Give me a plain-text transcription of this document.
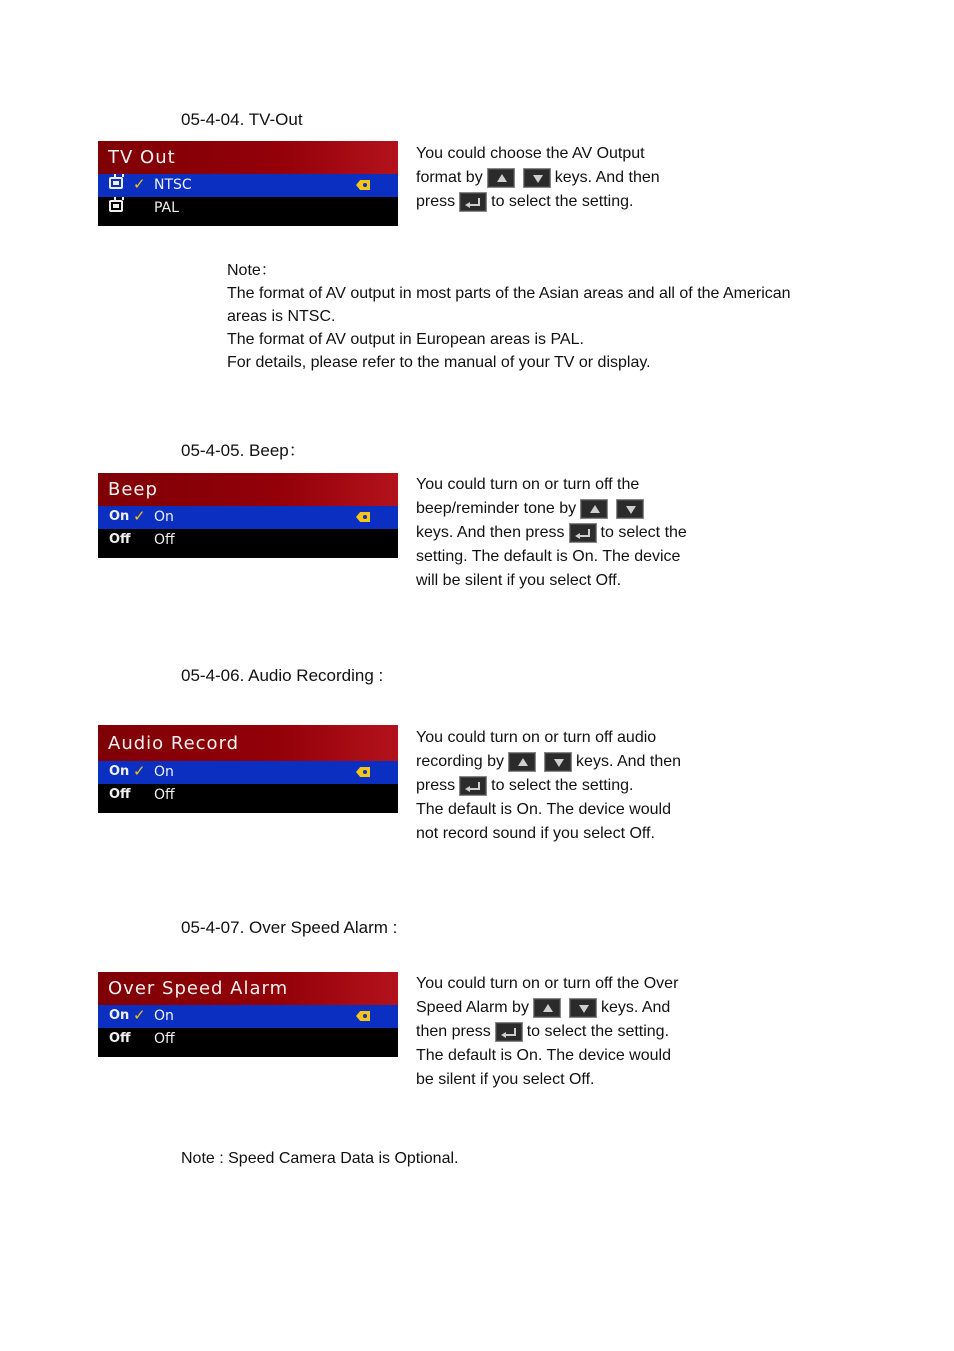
05-4-04. TV-Out
TV Out
✓ NTSC
PAL
You could choose the AV Output
format by	keys. And then
press to select the setting.
Note：
The format of AV output in most parts of the Asian areas and all of the American
areas is NTSC.
The format of AV output in European areas is PAL.
For details, please refer to the manual of your TV or display.
05-4-05. Beep：
Beep
On ✓ On
Off Off
You could turn on or turn off the
beep/reminder tone by
keys. And then press to select the
setting. The default is On. The device
will be silent if you select Off.
05-4-06. Audio Recording :
Audio Record
On ✓ On
Off Off
You could turn on or turn off audio
recording by	keys. And then
press to select the setting.
The default is On. The device would
not record sound if you select Off.
05-4-07. Over Speed Alarm :
Over Speed Alarm
On ✓ On
Off Off
You could turn on or turn off the Over
Speed Alarm by	keys. And
then press to select the setting.
The default is On. The device would
be silent if you select Off.
Note : Speed Camera Data is Optional.
